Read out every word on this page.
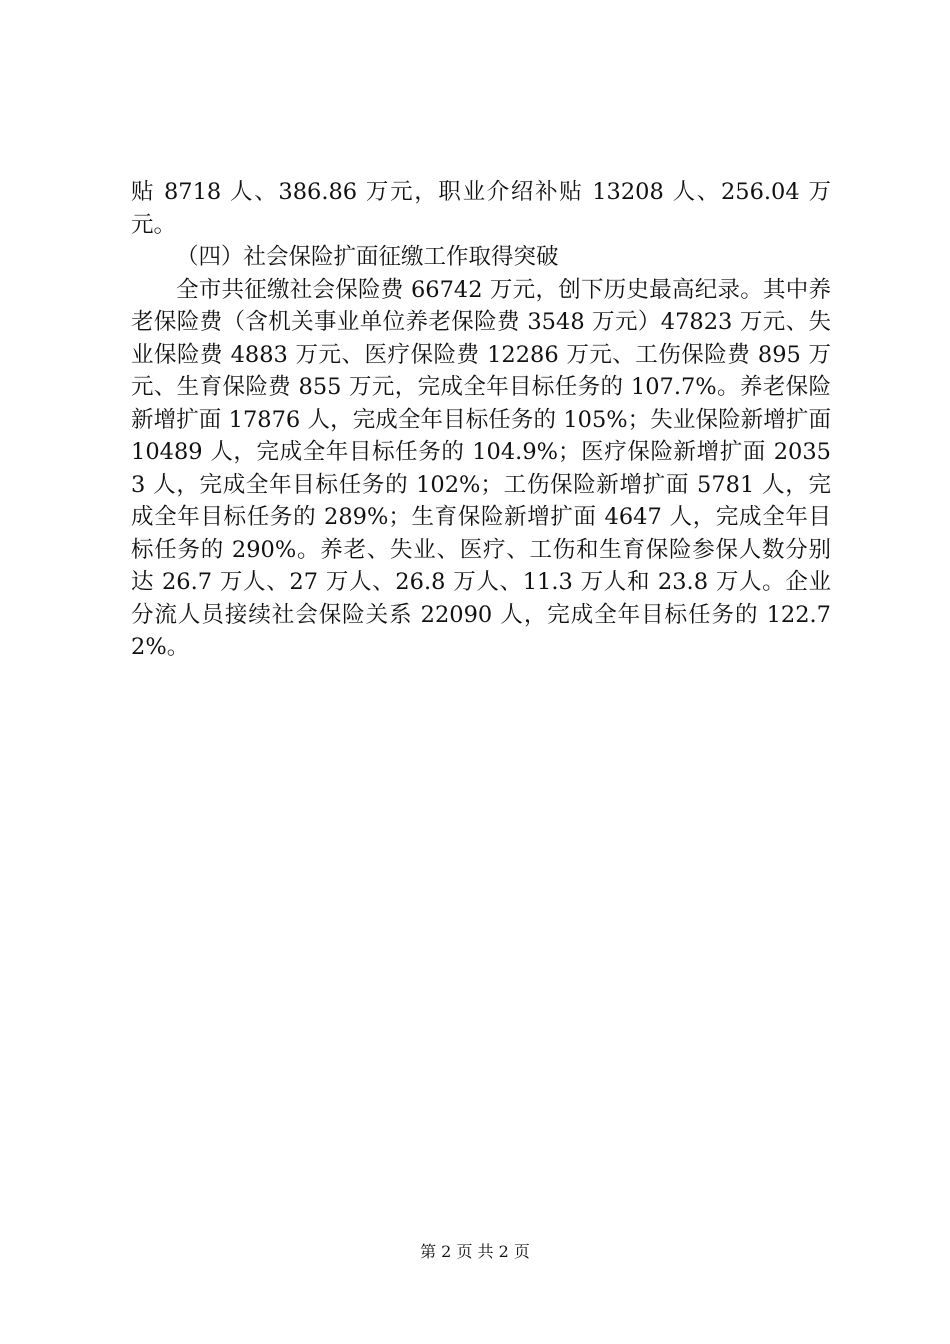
贴 8718 人、386.86 万元，职业介绍补贴 13208 人、256.04 万元。

（四）社会保险扩面征缴工作取得突破

全市共征缴社会保险费 66742 万元，创下历史最高纪录。其中养老保险费（含机关事业单位养老保险费 3548 万元）47823 万元、失业保险费 4883 万元、医疗保险费 12286 万元、工伤保险费 895 万元、生育保险费 855 万元，完成全年目标任务的 107.7%。养老保险新增扩面 17876 人，完成全年目标任务的 105%；失业保险新增扩面 10489 人，完成全年目标任务的 104.9%；医疗保险新增扩面 20353 人，完成全年目标任务的 102%；工伤保险新增扩面 5781 人，完成全年目标任务的 289%；生育保险新增扩面 4647 人，完成全年目标任务的 290%。养老、失业、医疗、工伤和生育保险参保人数分别达 26.7 万人、27 万人、26.8 万人、11.3 万人和 23.8 万人。企业分流人员接续社会保险关系 22090 人，完成全年目标任务的 122.72%。

第 2 页 共 2 页
